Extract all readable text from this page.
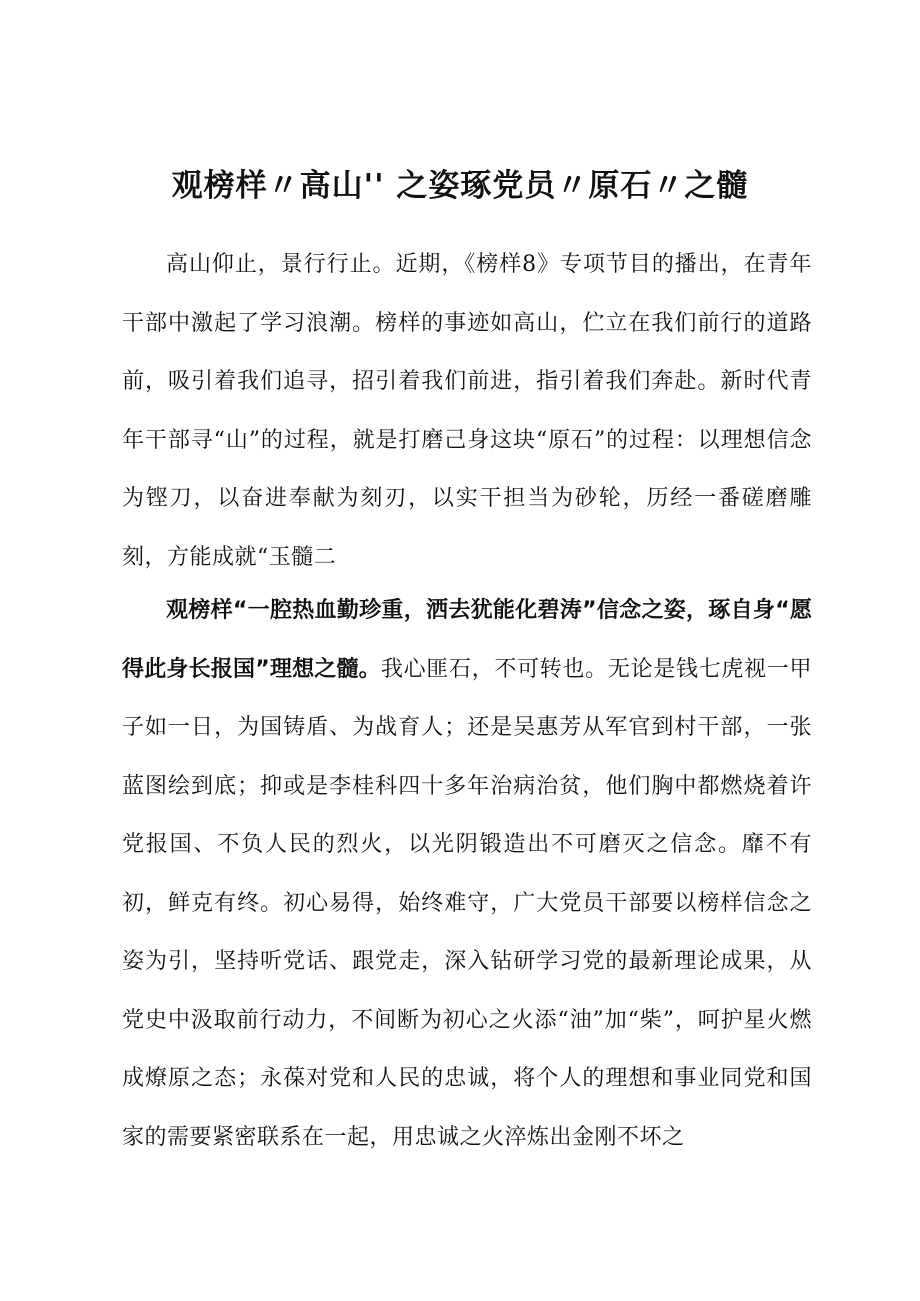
观榜样〃高山'' 之姿琢党员〃原石〃之髓

高山仰止，景行行止。近期，《榜样8》专项节目的播出，在青年干部中激起了学习浪潮。榜样的事迹如高山，伫立在我们前行的道路前，吸引着我们追寻，招引着我们前进，指引着我们奔赴。新时代青年干部寻“山”的过程，就是打磨己身这块“原石”的过程：以理想信念为铿刀，以奋进奉献为刻刃，以实干担当为砂轮，历经一番磋磨雕刻，方能成就“玉髓二

观榜样“一腔热血勤珍重，洒去犹能化碧涛”信念之姿，琢自身“愿得此身长报国”理想之髓。我心匪石，不可转也。无论是钱七虎视一甲子如一日，为国铸盾、为战育人；还是吴惠芳从军官到村干部，一张蓝图绘到底；抑或是李桂科四十多年治病治贫，他们胸中都燃烧着许党报国、不负人民的烈火，以光阴锻造出不可磨灭之信念。靡不有初，鲜克有终。初心易得，始终难守，广大党员干部要以榜样信念之姿为引，坚持听党话、跟党走，深入钻研学习党的最新理论成果，从党史中汲取前行动力，不间断为初心之火添“油”加“柴”，呵护星火燃成燎原之态；永葆对党和人民的忠诚，将个人的理想和事业同党和国家的需要紧密联系在一起，用忠诚之火淬炼出金刚不坏之
